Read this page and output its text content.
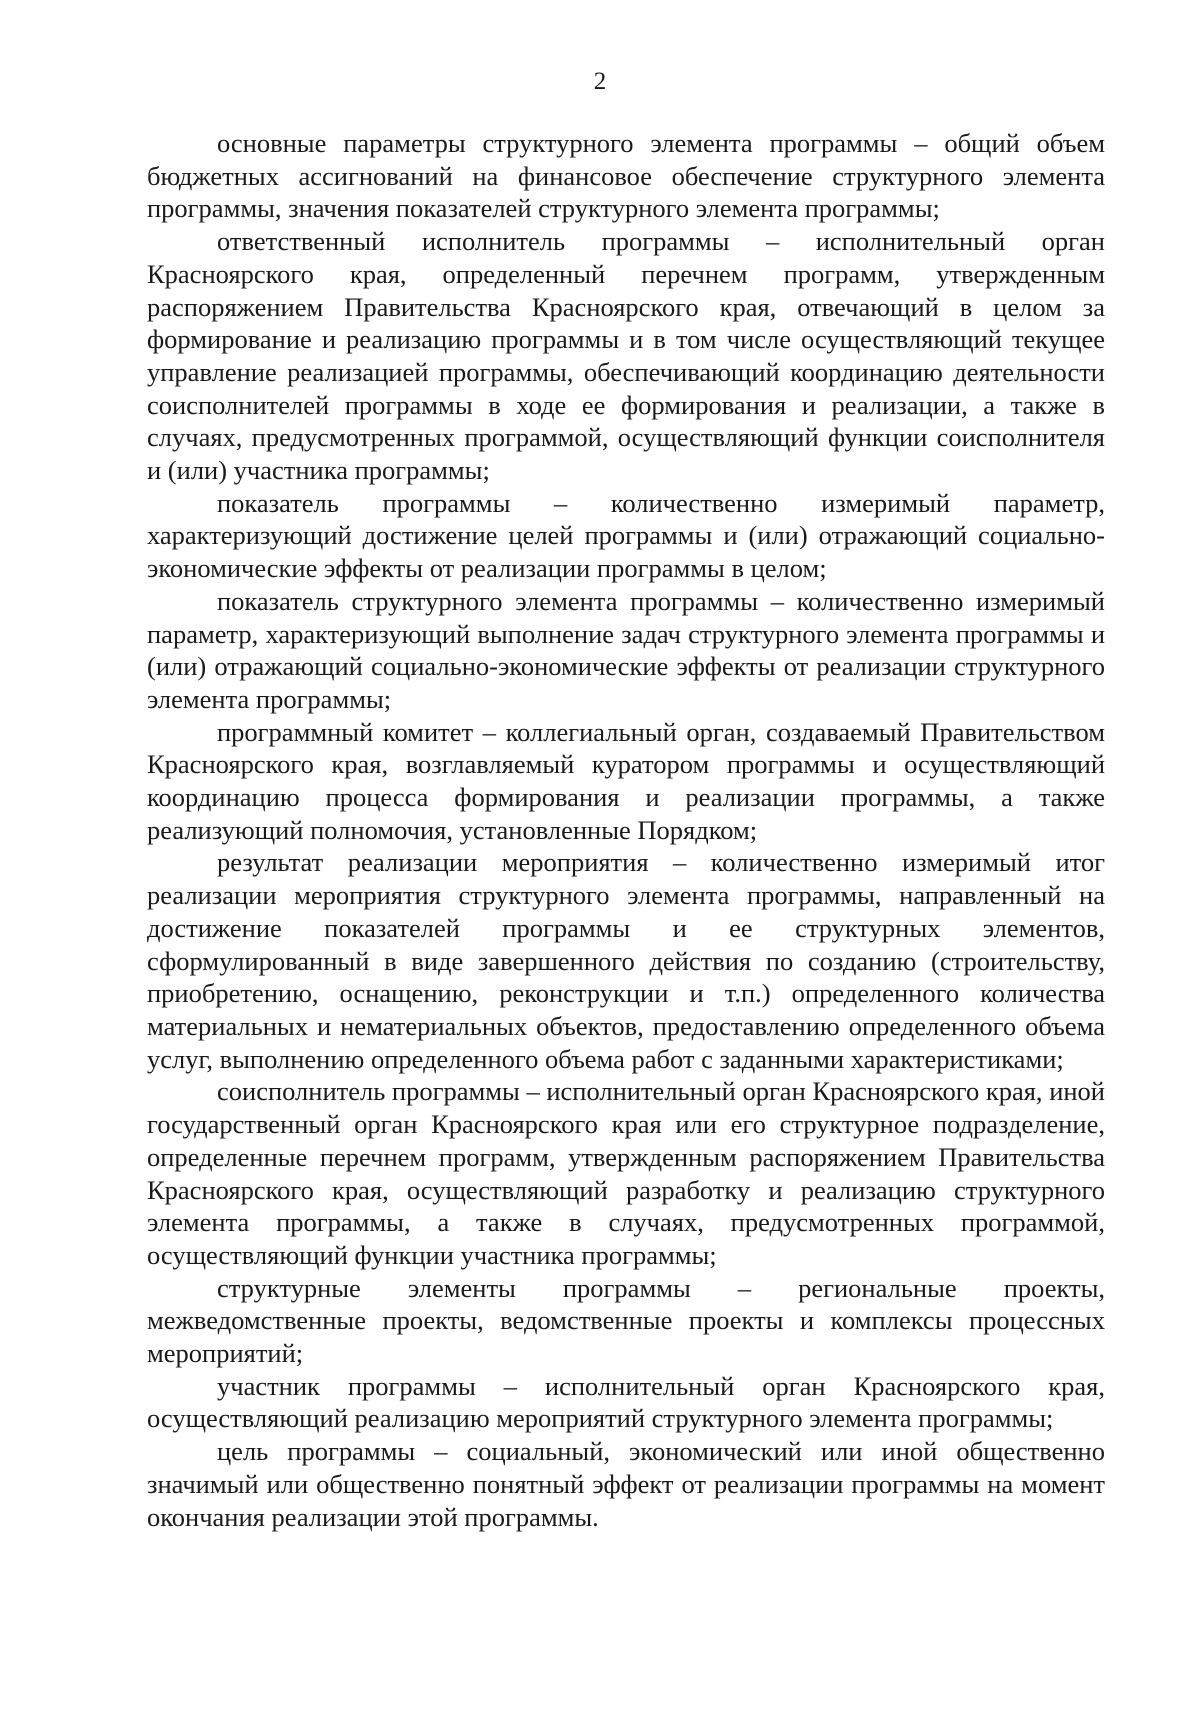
2

основные параметры структурного элемента программы – общий объем бюджетных ассигнований на финансовое обеспечение структурного элемента программы, значения показателей структурного элемента программы;

ответственный исполнитель программы – исполнительный орган Красноярского края, определенный перечнем программ, утвержденным распоряжением Правительства Красноярского края, отвечающий в целом за формирование и реализацию программы и в том числе осуществляющий текущее управление реализацией программы, обеспечивающий координацию деятельности соисполнителей программы в ходе ее формирования и реализации, а также в случаях, предусмотренных программой, осуществляющий функции соисполнителя и (или) участника программы;

показатель программы – количественно измеримый параметр, характеризующий достижение целей программы и (или) отражающий социально-экономические эффекты от реализации программы в целом;

показатель структурного элемента программы – количественно измеримый параметр, характеризующий выполнение задач структурного элемента программы и (или) отражающий социально-экономические эффекты от реализации структурного элемента программы;

программный комитет – коллегиальный орган, создаваемый Правительством Красноярского края, возглавляемый куратором программы и осуществляющий координацию процесса формирования и реализации программы, а также реализующий полномочия, установленные Порядком;

результат реализации мероприятия – количественно измеримый итог реализации мероприятия структурного элемента программы, направленный на достижение показателей программы и ее структурных элементов, сформулированный в виде завершенного действия по созданию (строительству, приобретению, оснащению, реконструкции и т.п.) определенного количества материальных и нематериальных объектов, предоставлению определенного объема услуг, выполнению определенного объема работ с заданными характеристиками;

соисполнитель программы – исполнительный орган Красноярского края, иной государственный орган Красноярского края или его структурное подразделение, определенные перечнем программ, утвержденным распоряжением Правительства Красноярского края, осуществляющий разработку и реализацию структурного элемента программы, а также в случаях, предусмотренных программой, осуществляющий функции участника программы;

структурные элементы программы – региональные проекты, межведомственные проекты, ведомственные проекты и комплексы процессных мероприятий;

участник программы – исполнительный орган Красноярского края, осуществляющий реализацию мероприятий структурного элемента программы;

цель программы – социальный, экономический или иной общественно значимый или общественно понятный эффект от реализации программы на момент окончания реализации этой программы.
